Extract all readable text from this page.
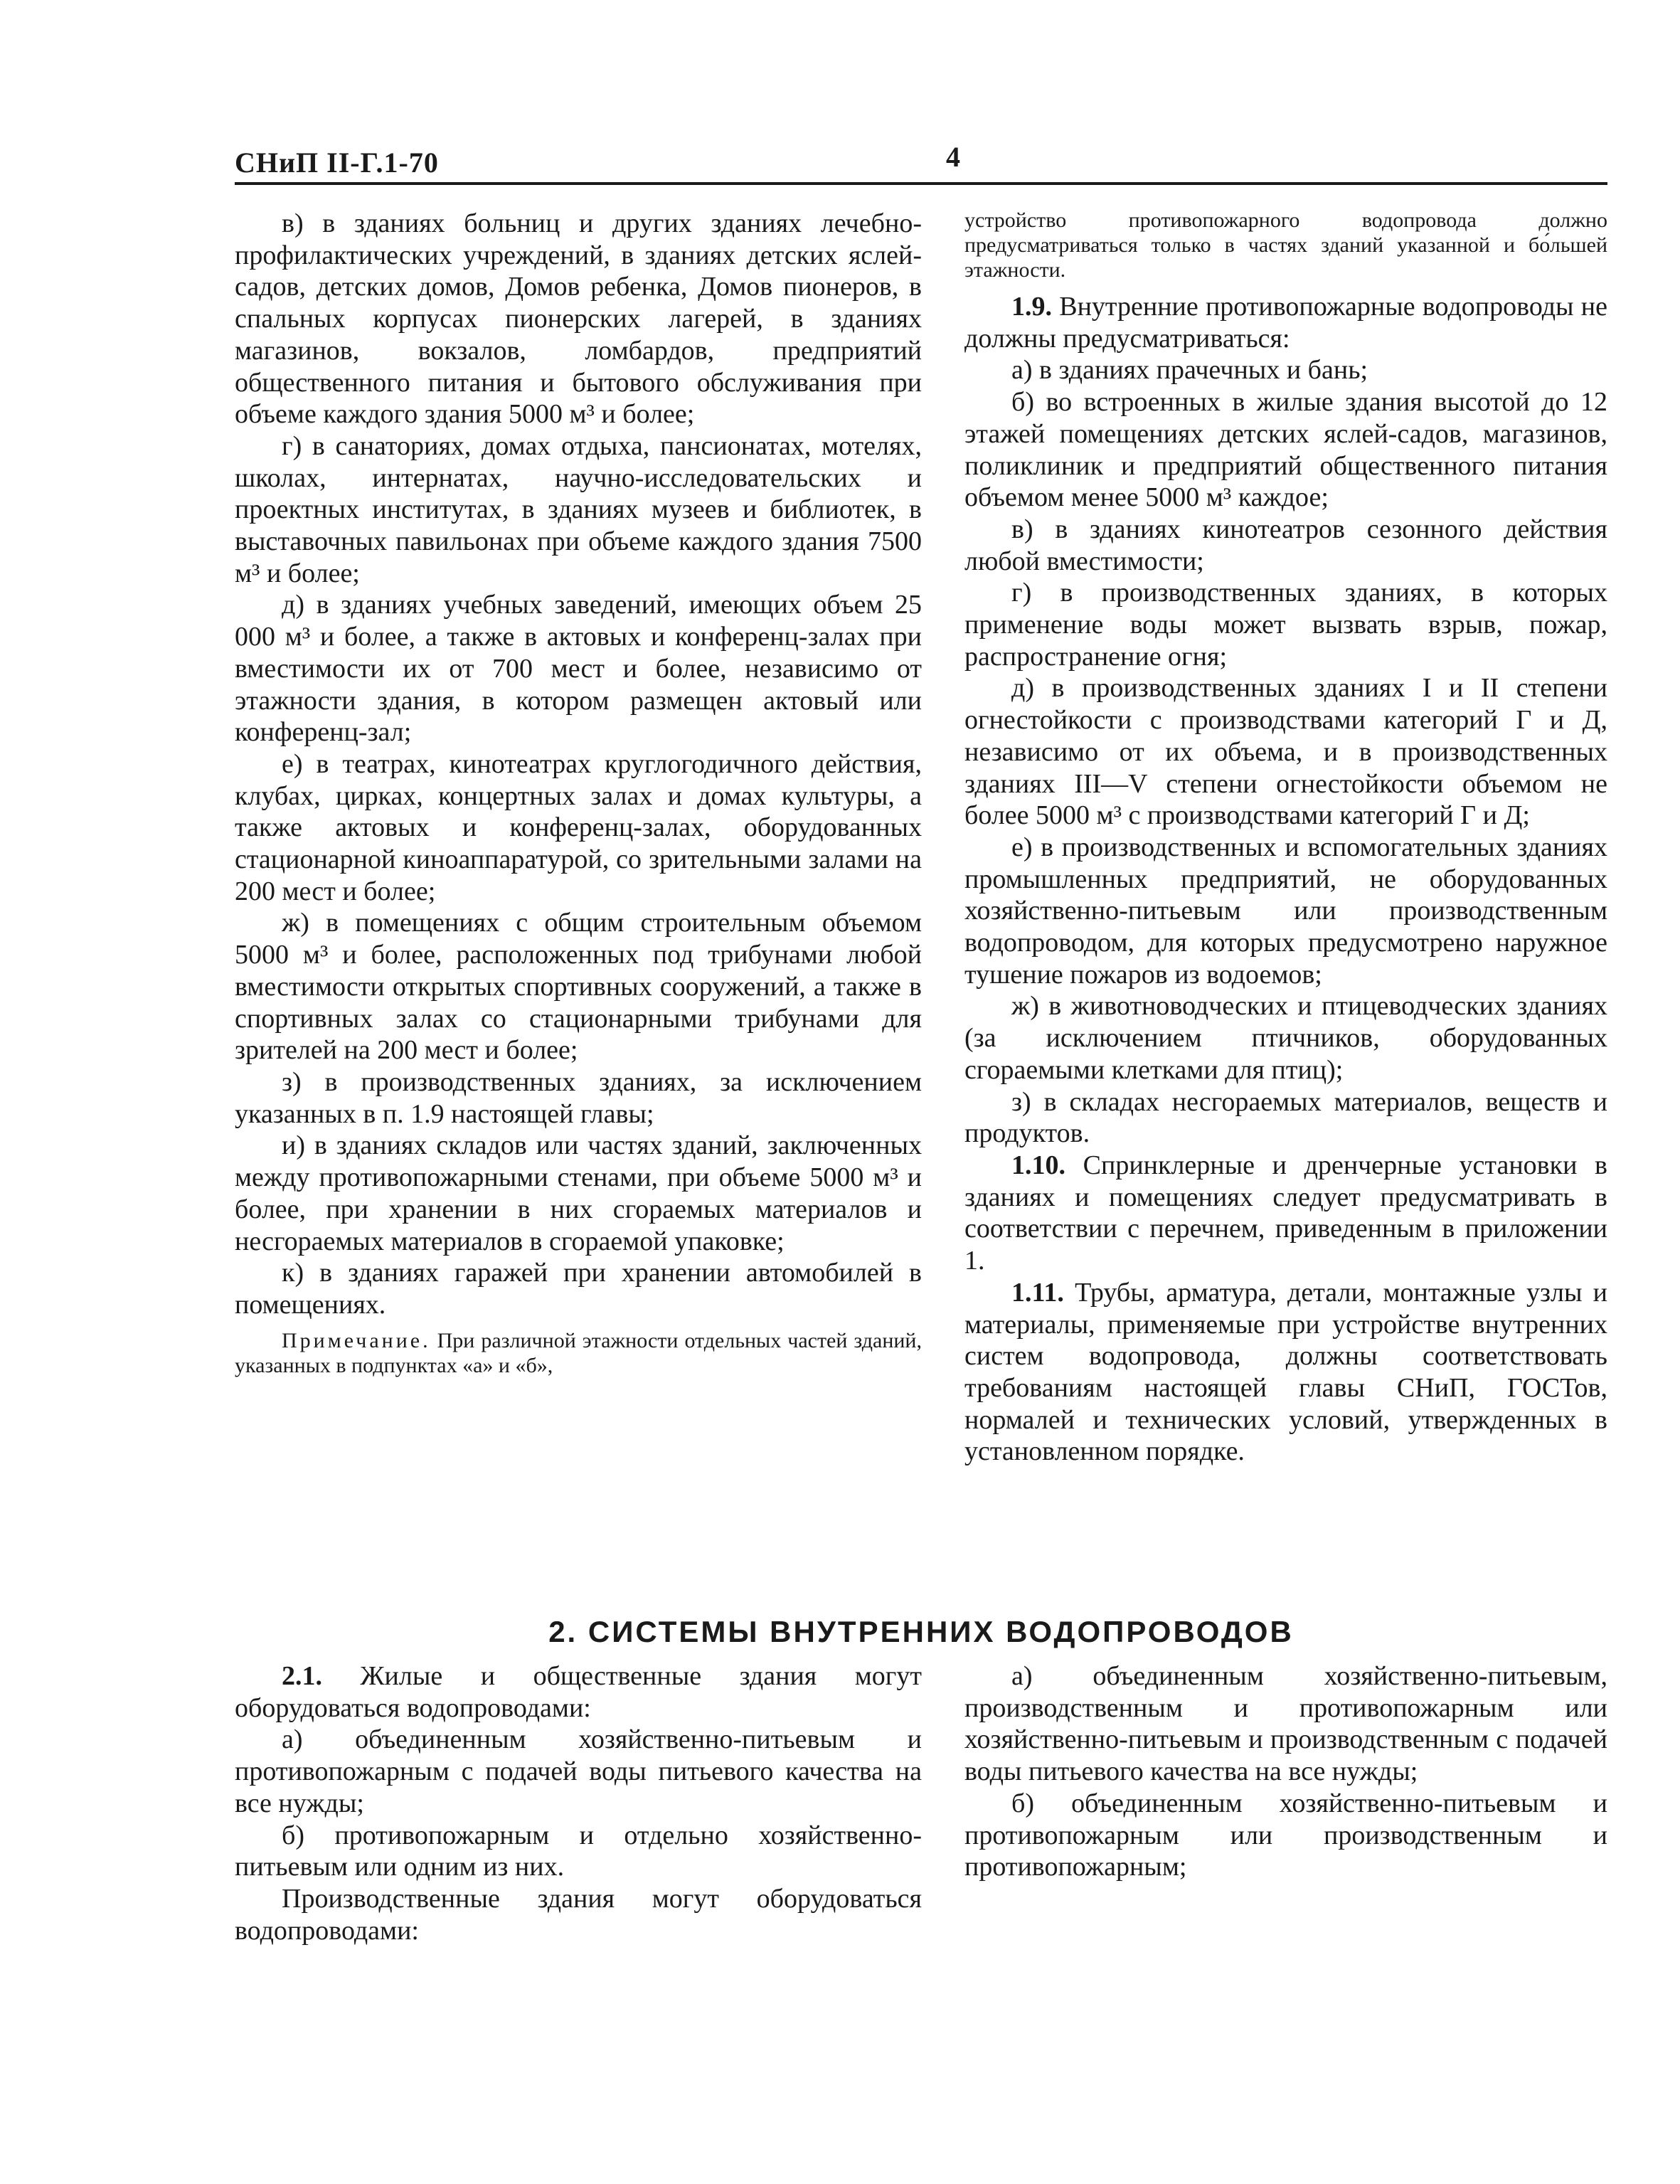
СНиП II-Г.1-70	4

в) в зданиях больниц и других зданиях лечебно-профилактических учреждений, в зданиях детских яслей-садов, детских домов, Домов ребенка, Домов пионеров, в спальных корпусах пионерских лагерей, в зданиях магазинов, вокзалов, ломбардов, предприятий общественного питания и бытового обслуживания при объеме каждого здания 5000 м³ и более;

г) в санаториях, домах отдыха, пансионатах, мотелях, школах, интернатах, научно-исследовательских и проектных институтах, в зданиях музеев и библиотек, в выставочных павильонах при объеме каждого здания 7500 м³ и более;

д) в зданиях учебных заведений, имеющих объем 25 000 м³ и более, а также в актовых и конференц-залах при вместимости их от 700 мест и более, независимо от этажности здания, в котором размещен актовый или конференц-зал;

е) в театрах, кинотеатрах круглогодичного действия, клубах, цирках, концертных залах и домах культуры, а также актовых и конференц-залах, оборудованных стационарной киноаппаратурой, со зрительными залами на 200 мест и более;

ж) в помещениях с общим строительным объемом 5000 м³ и более, расположенных под трибунами любой вместимости открытых спортивных сооружений, а также в спортивных залах со стационарными трибунами для зрителей на 200 мест и более;

з) в производственных зданиях, за исключением указанных в п. 1.9 настоящей главы;

и) в зданиях складов или частях зданий, заключенных между противопожарными стенами, при объеме 5000 м³ и более, при хранении в них сгораемых материалов и несгораемых материалов в сгораемой упаковке;

к) в зданиях гаражей при хранении автомобилей в помещениях.

Примечание. При различной этажности отдельных частей зданий, указанных в подпунктах «а» и «б»,

устройство противопожарного водопровода должно предусматриваться только в частях зданий указанной и бо́льшей этажности.

1.9. Внутренние противопожарные водопроводы не должны предусматриваться:

а) в зданиях прачечных и бань;

б) во встроенных в жилые здания высотой до 12 этажей помещениях детских яслей-садов, магазинов, поликлиник и предприятий общественного питания объемом менее 5000 м³ каждое;

в) в зданиях кинотеатров сезонного действия любой вместимости;

г) в производственных зданиях, в которых применение воды может вызвать взрыв, пожар, распространение огня;

д) в производственных зданиях I и II степени огнестойкости с производствами категорий Г и Д, независимо от их объема, и в производственных зданиях III—V степени огнестойкости объемом не более 5000 м³ с производствами категорий Г и Д;

е) в производственных и вспомогательных зданиях промышленных предприятий, не оборудованных хозяйственно-питьевым или производственным водопроводом, для которых предусмотрено наружное тушение пожаров из водоемов;

ж) в животноводческих и птицеводческих зданиях (за исключением птичников, оборудованных сгораемыми клетками для птиц);

з) в складах несгораемых материалов, веществ и продуктов.

1.10. Спринклерные и дренчерные установки в зданиях и помещениях следует предусматривать в соответствии с перечнем, приведенным в приложении 1.

1.11. Трубы, арматура, детали, монтажные узлы и материалы, применяемые при устройстве внутренних систем водопровода, должны соответствовать требованиям настоящей главы СНиП, ГОСТов, нормалей и технических условий, утвержденных в установленном порядке.

2. СИСТЕМЫ ВНУТРЕННИХ ВОДОПРОВОДОВ

2.1. Жилые и общественные здания могут оборудоваться водопроводами:

а) объединенным хозяйственно-питьевым и противопожарным с подачей воды питьевого качества на все нужды;

б) противопожарным и отдельно хозяйственно-питьевым или одним из них.

Производственные здания могут оборудоваться водопроводами:

а) объединенным хозяйственно-питьевым, производственным и противопожарным или хозяйственно-питьевым и производственным с подачей воды питьевого качества на все нужды;

б) объединенным хозяйственно-питьевым и противопожарным или производственным и противопожарным;
